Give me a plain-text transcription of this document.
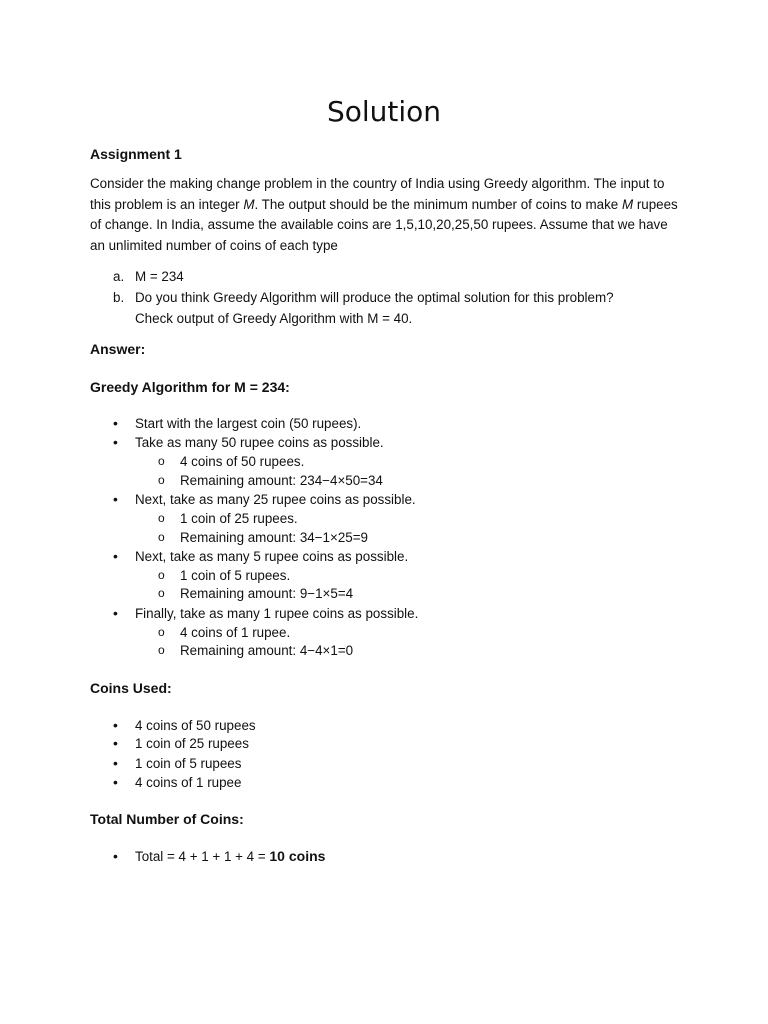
Solution
Assignment 1

Consider the making change problem in the country of India using Greedy algorithm. The input to this problem is an integer M. The output should be the minimum number of coins to make M rupees of change. In India, assume the available coins are 1,5,10,20,25,50 rupees. Assume that we have an unlimited number of coins of each type

a. M = 234
b. Do you think Greedy Algorithm will produce the optimal solution for this problem?
Check output of Greedy Algorithm with M = 40.
Answer:
Greedy Algorithm for M = 234:
• Start with the largest coin (50 rupees).
• Take as many 50 rupee coins as possible.
o 4 coins of 50 rupees.
o Remaining amount: 234−4×50=34
• Next, take as many 25 rupee coins as possible.
o 1 coin of 25 rupees.
o Remaining amount: 34−1×25=9
• Next, take as many 5 rupee coins as possible.
o 1 coin of 5 rupees.
o Remaining amount: 9−1×5=4
• Finally, take as many 1 rupee coins as possible.
o 4 coins of 1 rupee.
o Remaining amount: 4−4×1=0
Coins Used:
• 4 coins of 50 rupees
• 1 coin of 25 rupees
• 1 coin of 5 rupees
• 4 coins of 1 rupee
Total Number of Coins:
• Total = 4 + 1 + 1 + 4 = 10 coins
